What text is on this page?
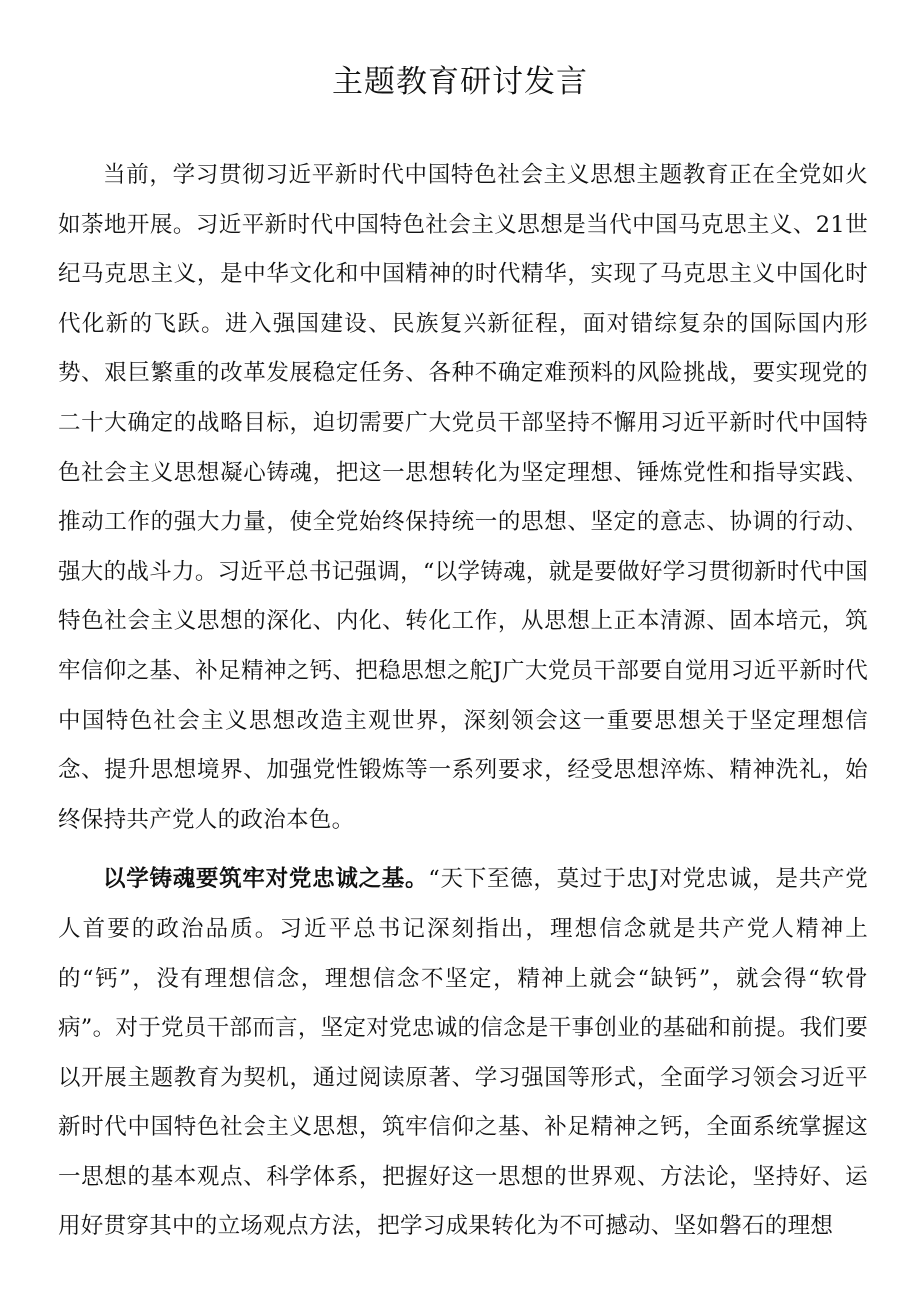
主题教育研讨发言

当前，学习贯彻习近平新时代中国特色社会主义思想主题教育正在全党如火如荼地开展。习近平新时代中国特色社会主义思想是当代中国马克思主义、21世纪马克思主义，是中华文化和中国精神的时代精华，实现了马克思主义中国化时代化新的飞跃。进入强国建设、民族复兴新征程，面对错综复杂的国际国内形势、艰巨繁重的改革发展稳定任务、各种不确定难预料的风险挑战，要实现党的二十大确定的战略目标，迫切需要广大党员干部坚持不懈用习近平新时代中国特色社会主义思想凝心铸魂，把这一思想转化为坚定理想、锤炼党性和指导实践、推动工作的强大力量，使全党始终保持统一的思想、坚定的意志、协调的行动、强大的战斗力。习近平总书记强调，“以学铸魂，就是要做好学习贯彻新时代中国特色社会主义思想的深化、内化、转化工作，从思想上正本清源、固本培元，筑牢信仰之基、补足精神之钙、把稳思想之舵J广大党员干部要自觉用习近平新时代中国特色社会主义思想改造主观世界，深刻领会这一重要思想关于坚定理想信念、提升思想境界、加强党性锻炼等一系列要求，经受思想淬炼、精神洗礼，始终保持共产党人的政治本色。

以学铸魂要筑牢对党忠诚之基。“天下至德，莫过于忠J对党忠诚，是共产党人首要的政治品质。习近平总书记深刻指出，理想信念就是共产党人精神上的“钙”，没有理想信念，理想信念不坚定，精神上就会“缺钙”，就会得“软骨病”。对于党员干部而言，坚定对党忠诚的信念是干事创业的基础和前提。我们要以开展主题教育为契机，通过阅读原著、学习强国等形式，全面学习领会习近平新时代中国特色社会主义思想，筑牢信仰之基、补足精神之钙，全面系统掌握这一思想的基本观点、科学体系，把握好这一思想的世界观、方法论，坚持好、运用好贯穿其中的立场观点方法，把学习成果转化为不可撼动、坚如磐石的理想
